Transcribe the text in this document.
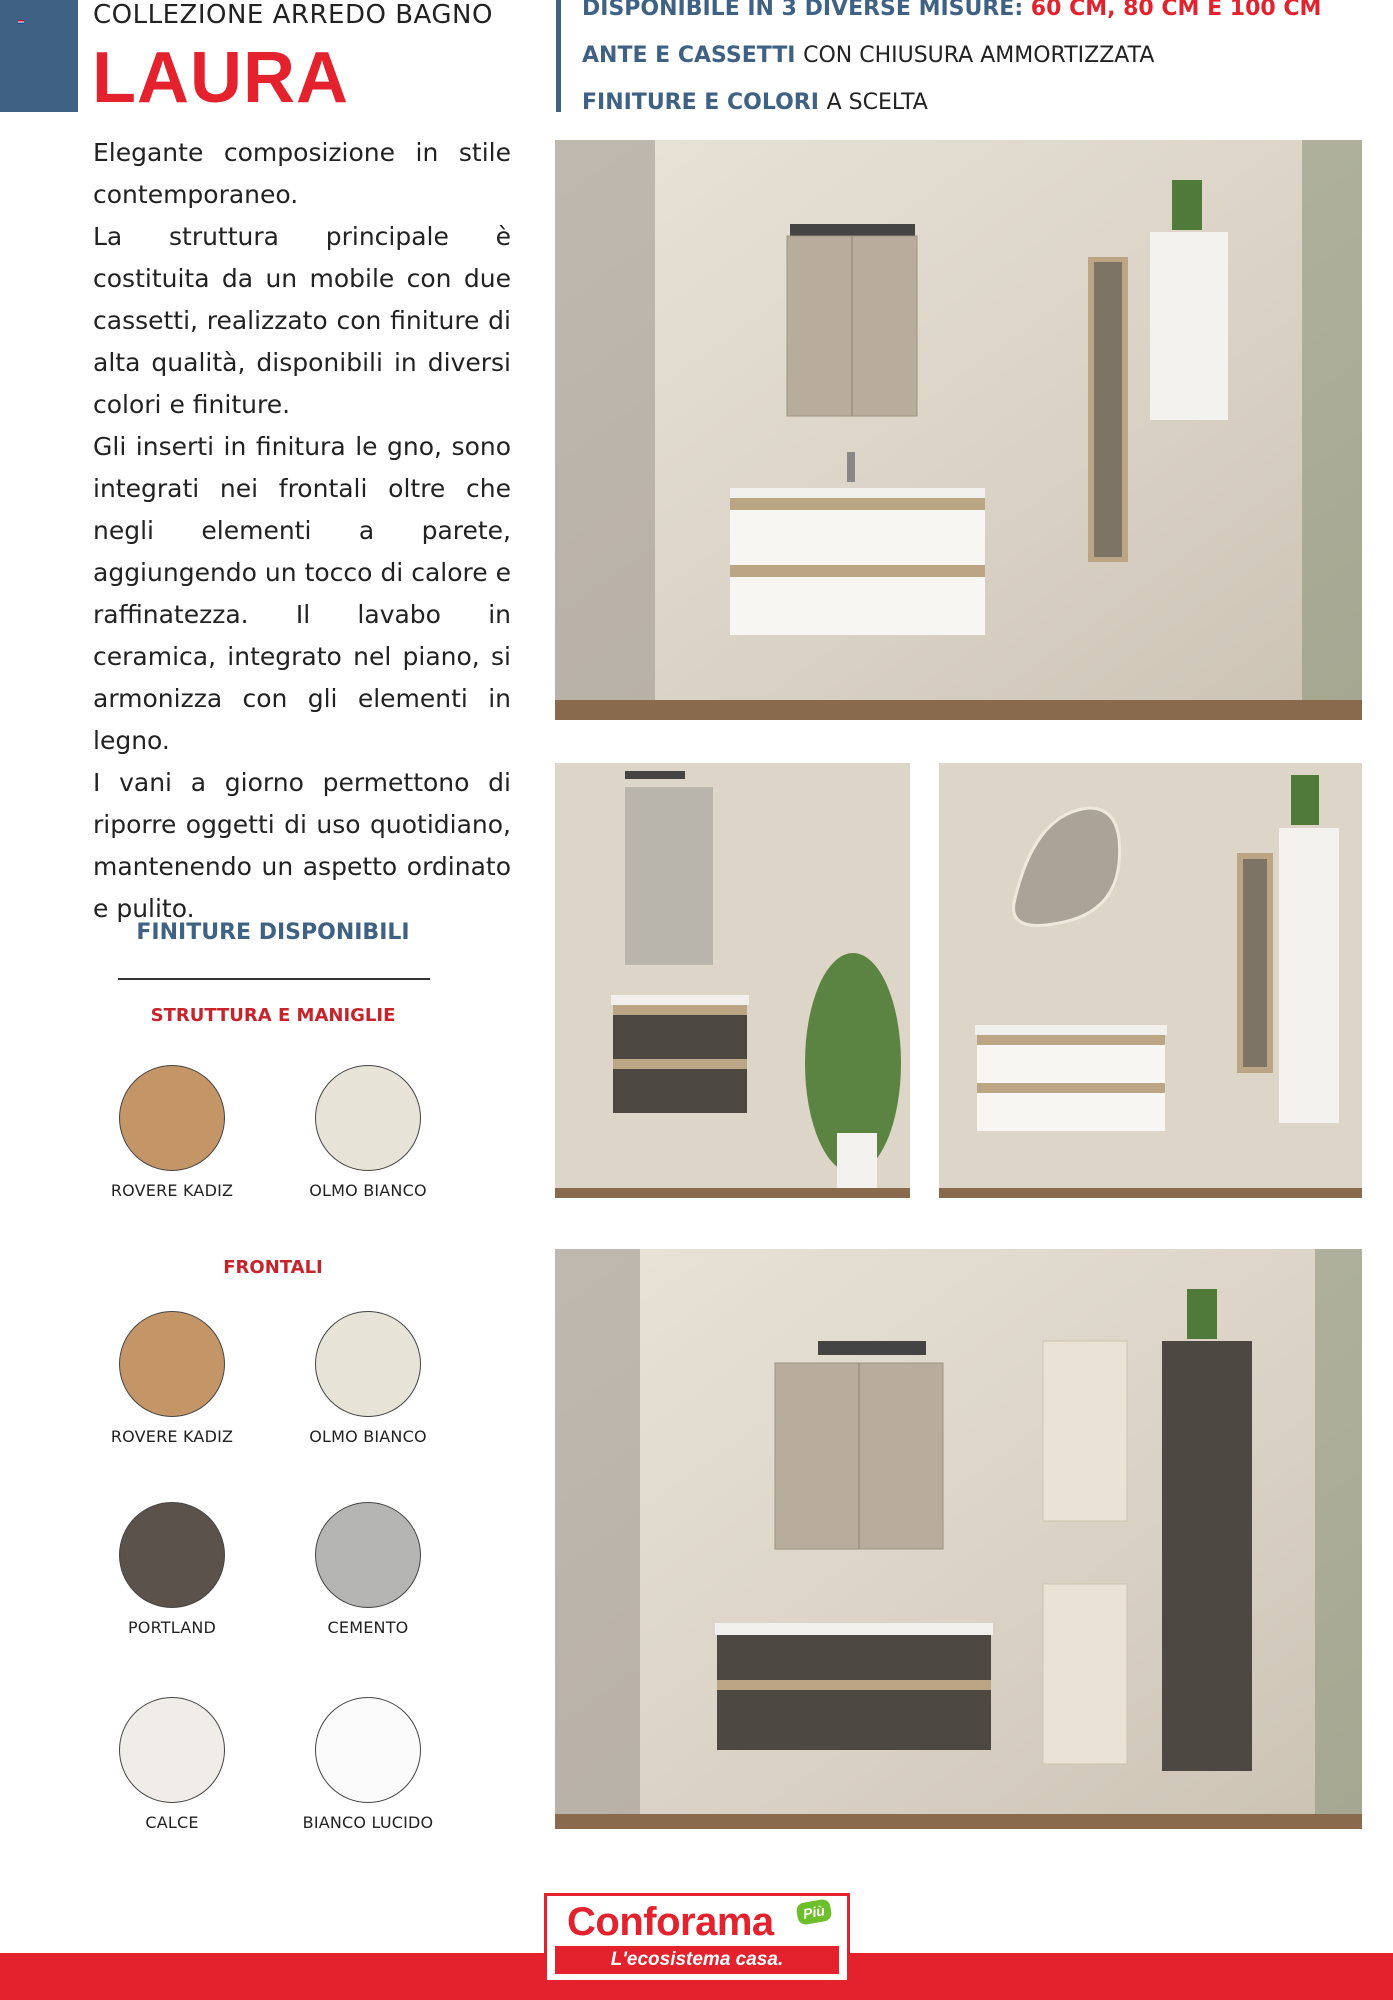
COLLEZIONE ARREDO BAGNO
LAURA
DISPONIBILE IN 3 DIVERSE MISURE: 60 CM, 80 CM E 100 CM
ANTE E CASSETTI CON CHIUSURA AMMORTIZZATA
FINITURE E COLORI A SCELTA

Elegante composizione in stile contemporaneo.

La struttura principale è costituita da un mobile con due cassetti, realizzato con finiture di alta qualità, disponibili in diversi colori e finiture.

Gli inserti in finitura le gno, sono integrati nei frontali oltre che negli elementi a parete, aggiungendo un tocco di calore e raffinatezza. Il lavabo in ceramica, integrato nel piano, si armonizza con gli elementi in legno.

I vani a giorno permettono di riporre oggetti di uso quotidiano, mantenendo un aspetto ordinato e pulito.

FINITURE DISPONIBILI
STRUTTURA E MANIGLIE
ROVERE KADIZ	OLMO BIANCO
FRONTALI
ROVERE KADIZ	OLMO BIANCO
PORTLAND	CEMENTO
CALCE	BIANCO LUCIDO
Conforama	Più
L'ecosistema casa.
